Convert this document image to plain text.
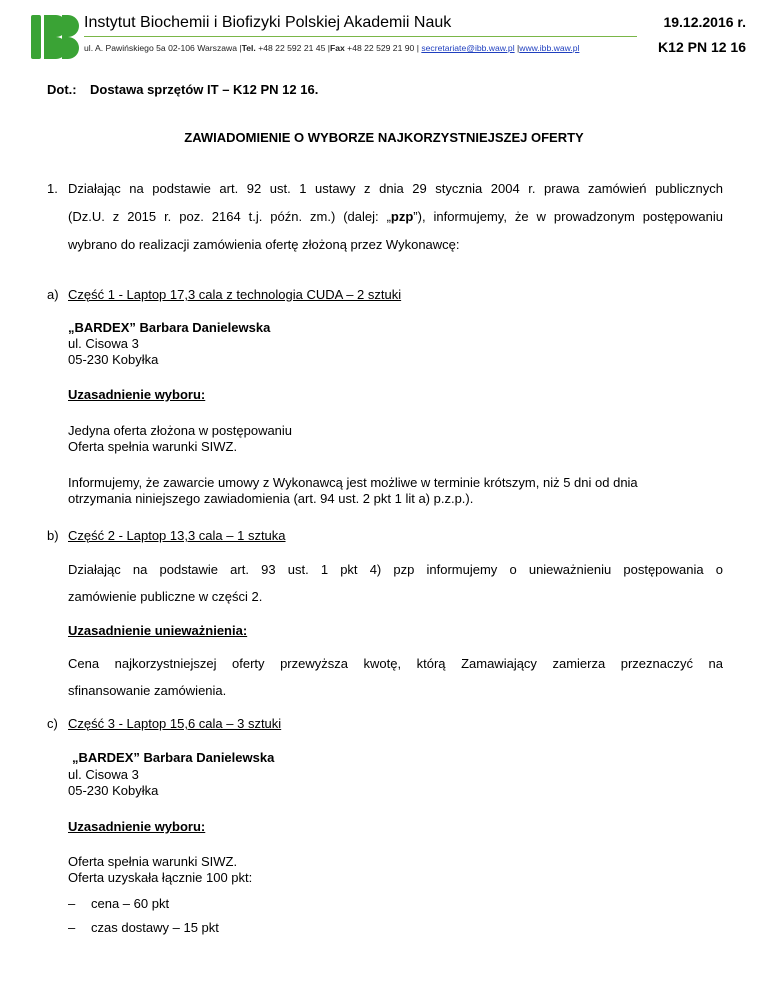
Instytut Biochemii i Biofizyki Polskiej Akademii Nauk
ul. A. Pawińskiego 5a 02-106 Warszawa |Tel. +48 22 592 21 45 |Fax +48 22 529 21 90 | secretariate@ibb.waw.pl |www.ibb.waw.pl
19.12.2016 r.
K12 PN 12 16
Dot.: Dostawa sprzętów IT – K12 PN 12 16.
ZAWIADOMIENIE O WYBORZE NAJKORZYSTNIEJSZEJ OFERTY
1. Działając na podstawie art. 92 ust. 1 ustawy z dnia 29 stycznia 2004 r. prawa zamówień publicznych
(Dz.U. z 2015 r. poz. 2164 t.j. późn. zm.) (dalej: „pzp”), informujemy, że w prowadzonym postępowaniu
wybrano do realizacji zamówienia ofertę złożoną przez Wykonawcę:
a) Część 1 - Laptop 17,3 cala z technologia CUDA – 2 sztuki
„BARDEX” Barbara Danielewska
ul. Cisowa 3
05-230 Kobyłka
Uzasadnienie wyboru:
Jedyna oferta złożona w postępowaniu
Oferta spełnia warunki SIWZ.
Informujemy, że zawarcie umowy z Wykonawcą jest możliwe w terminie krótszym, niż 5 dni od dnia
otrzymania niniejszego zawiadomienia (art. 94 ust. 2 pkt 1 lit a) p.z.p.).
b) Część 2 - Laptop 13,3 cala – 1 sztuka
Działając na podstawie art. 93 ust. 1 pkt 4) pzp informujemy o unieważnieniu postępowania o
zamówienie publiczne w części 2.
Uzasadnienie unieważnienia:
Cena najkorzystniejszej oferty przewyższa kwotę, którą Zamawiający zamierza przeznaczyć na
sfinansowanie zamówienia.
c) Część 3 - Laptop 15,6 cala – 3 sztuki
„BARDEX” Barbara Danielewska
ul. Cisowa 3
05-230 Kobyłka
Uzasadnienie wyboru:
Oferta spełnia warunki SIWZ.
Oferta uzyskała łącznie 100 pkt:
– cena – 60 pkt
– czas dostawy – 15 pkt
